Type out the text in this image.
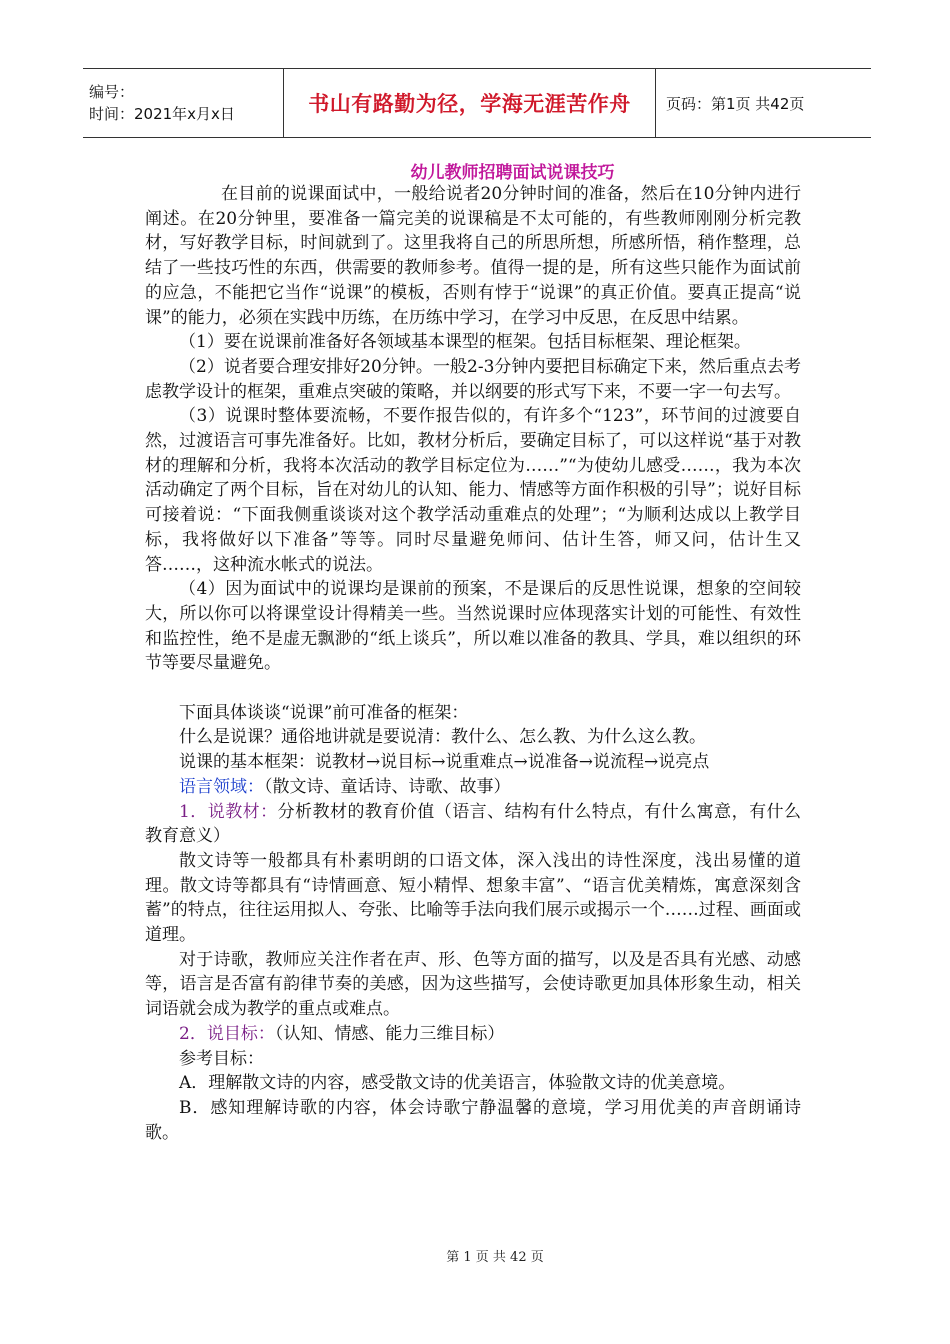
编号：
时间：2021年x月x日	书山有路勤为径，学海无涯苦作舟	页码：第1页 共42页
幼儿教师招聘面试说课技巧

在目前的说课面试中，一般给说者20分钟时间的准备，然后在10分钟内进行阐述。在20分钟里，要准备一篇完美的说课稿是不太可能的，有些教师刚刚分析完教材，写好教学目标，时间就到了。这里我将自己的所思所想，所感所悟，稍作整理，总结了一些技巧性的东西，供需要的教师参考。值得一提的是，所有这些只能作为面试前的应急，不能把它当作“说课”的模板，否则有悖于“说课”的真正价值。要真正提高“说课”的能力，必须在实践中历练，在历练中学习，在学习中反思，在反思中结累。

（1）要在说课前准备好各领域基本课型的框架。包括目标框架、理论框架。

（2）说者要合理安排好20分钟。一般2-3分钟内要把目标确定下来，然后重点去考虑教学设计的框架，重难点突破的策略，并以纲要的形式写下来，不要一字一句去写。

（3）说课时整体要流畅，不要作报告似的，有许多个“123”，环节间的过渡要自然，过渡语言可事先准备好。比如，教材分析后，要确定目标了，可以这样说“基于对教材的理解和分析，我将本次活动的教学目标定位为……”“为使幼儿感受……，我为本次活动确定了两个目标，旨在对幼儿的认知、能力、情感等方面作积极的引导”；说好目标可接着说：“下面我侧重谈谈对这个教学活动重难点的处理”；“为顺利达成以上教学目标，我将做好以下准备”等等。同时尽量避免师问、估计生答，师又问，估计生又答……，这种流水帐式的说法。

（4）因为面试中的说课均是课前的预案，不是课后的反思性说课，想象的空间较大，所以你可以将课堂设计得精美一些。当然说课时应体现落实计划的可能性、有效性和监控性，绝不是虚无飘渺的“纸上谈兵”，所以难以准备的教具、学具，难以组织的环节等要尽量避免。

下面具体谈谈“说课”前可准备的框架：

什么是说课？通俗地讲就是要说清：教什么、怎么教、为什么这么教。

说课的基本框架：说教材→说目标→说重难点→说准备→说流程→说亮点

语言领域：（散文诗、童话诗、诗歌、故事）

1．说教材：分析教材的教育价值（语言、结构有什么特点，有什么寓意，有什么教育意义）

散文诗等一般都具有朴素明朗的口语文体，深入浅出的诗性深度，浅出易懂的道理。散文诗等都具有“诗情画意、短小精悍、想象丰富”、“语言优美精炼，寓意深刻含蓄”的特点，往往运用拟人、夸张、比喻等手法向我们展示或揭示一个……过程、画面或道理。

对于诗歌，教师应关注作者在声、形、色等方面的描写，以及是否具有光感、动感等，语言是否富有韵律节奏的美感，因为这些描写，会使诗歌更加具体形象生动，相关词语就会成为教学的重点或难点。

2．说目标：（认知、情感、能力三维目标）

参考目标：

A．理解散文诗的内容，感受散文诗的优美语言，体验散文诗的优美意境。

B．感知理解诗歌的内容，体会诗歌宁静温馨的意境，学习用优美的声音朗诵诗歌。

第 1 页 共 42 页
